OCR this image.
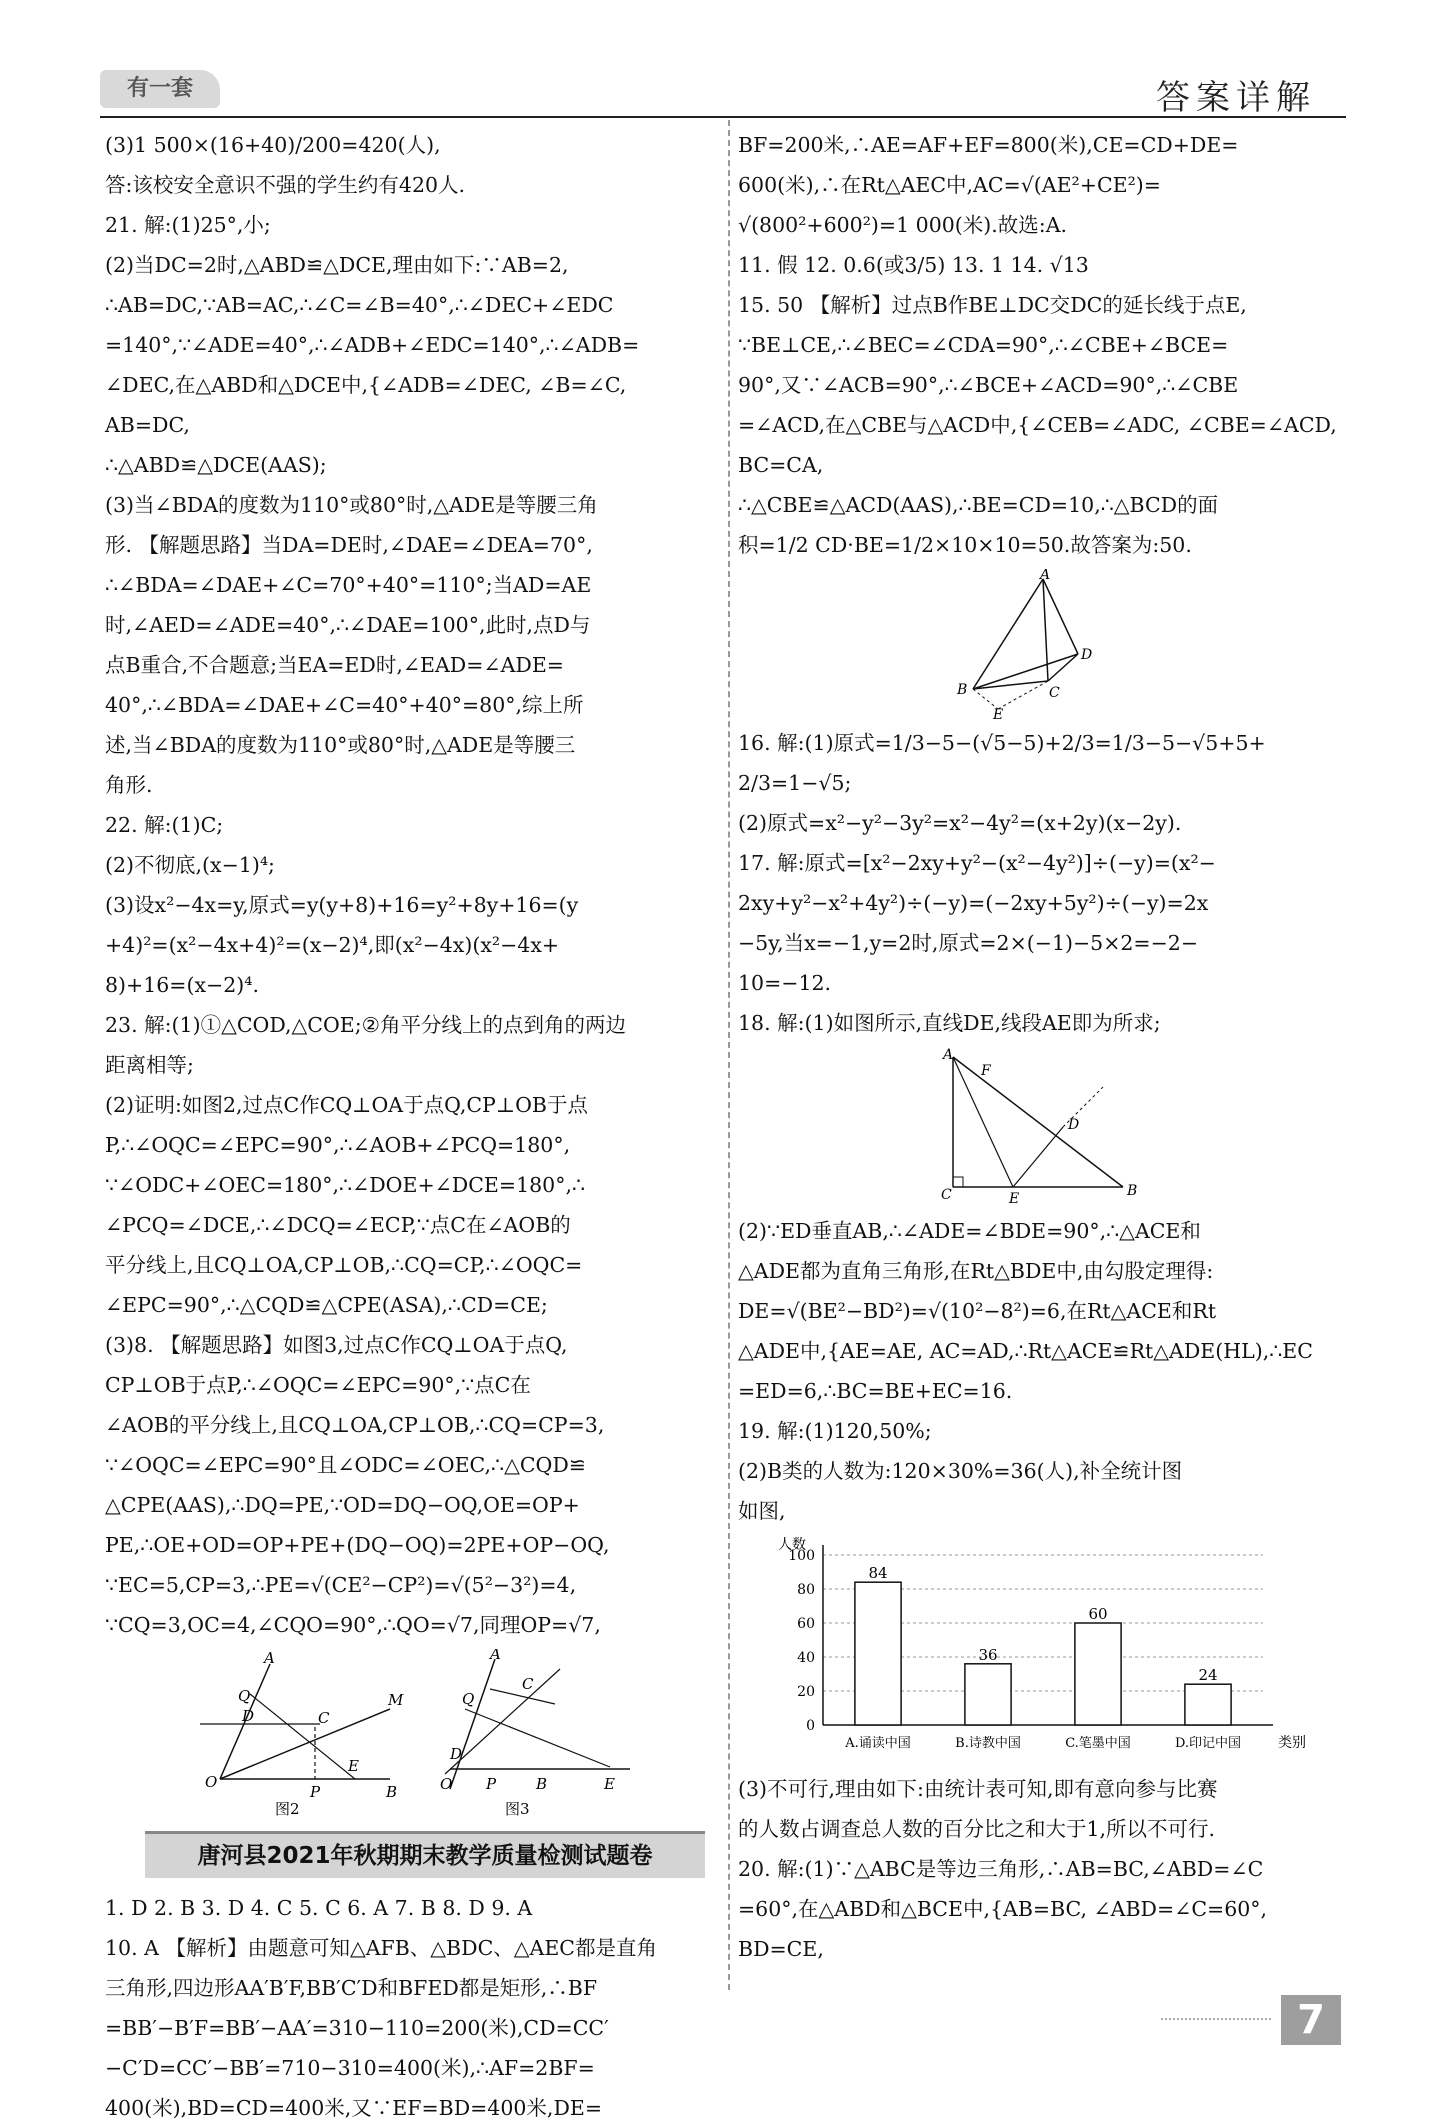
有一套	答案详解

(3)1 500×(16+40)/200=420(人),

答:该校安全意识不强的学生约有420人.

21. 解:(1)25°,小;

(2)当DC=2时,△ABD≌△DCE,理由如下:∵AB=2,

∴AB=DC,∵AB=AC,∴∠C=∠B=40°,∴∠DEC+∠EDC

=140°,∵∠ADE=40°,∴∠ADB+∠EDC=140°,∴∠ADB=

∠DEC,在△ABD和△DCE中,{∠ADB=∠DEC, ∠B=∠C, AB=DC,

∴△ABD≌△DCE(AAS);

(3)当∠BDA的度数为110°或80°时,△ADE是等腰三角

形. 【解题思路】当DA=DE时,∠DAE=∠DEA=70°,

∴∠BDA=∠DAE+∠C=70°+40°=110°;当AD=AE

时,∠AED=∠ADE=40°,∴∠DAE=100°,此时,点D与

点B重合,不合题意;当EA=ED时,∠EAD=∠ADE=

40°,∴∠BDA=∠DAE+∠C=40°+40°=80°,综上所

述,当∠BDA的度数为110°或80°时,△ADE是等腰三

角形.

22. 解:(1)C;

(2)不彻底,(x−1)⁴;

(3)设x²−4x=y,原式=y(y+8)+16=y²+8y+16=(y

+4)²=(x²−4x+4)²=(x−2)⁴,即(x²−4x)(x²−4x+

8)+16=(x−2)⁴.

23. 解:(1)①△COD,△COE;②角平分线上的点到角的两边

距离相等;

(2)证明:如图2,过点C作CQ⊥OA于点Q,CP⊥OB于点

P,∴∠OQC=∠EPC=90°,∴∠AOB+∠PCQ=180°,

∵∠ODC+∠OEC=180°,∴∠DOE+∠DCE=180°,∴

∠PCQ=∠DCE,∴∠DCQ=∠ECP,∵点C在∠AOB的

平分线上,且CQ⊥OA,CP⊥OB,∴CQ=CP,∴∠OQC=

∠EPC=90°,∴△CQD≌△CPE(ASA),∴CD=CE;

(3)8. 【解题思路】如图3,过点C作CQ⊥OA于点Q,

CP⊥OB于点P,∴∠OQC=∠EPC=90°,∵点C在

∠AOB的平分线上,且CQ⊥OA,CP⊥OB,∴CQ=CP=3,

∵∠OQC=∠EPC=90°且∠ODC=∠OEC,∴△CQD≌

△CPE(AAS),∴DQ=PE,∵OD=DQ−OQ,OE=OP+

PE,∴OE+OD=OP+PE+(DQ−OQ)=2PE+OP−OQ,

∵EC=5,CP=3,∴PE=√(CE²−CP²)=√(5²−3²)=4,

∵CQ=3,OC=4,∠CQO=90°,∴QO=√7,同理OP=√7,

O
A
Q
D	C
M
P
E
B
图2
A
Q
C
D
O P	B	E
图3
唐河县2021年秋期期末教学质量检测试题卷

1. D 2. B 3. D 4. C 5. C 6. A 7. B 8. D 9. A

10. A 【解析】由题意可知△AFB、△BDC、△AEC都是直角

三角形,四边形AA′B′F,BB′C′D和BFED都是矩形,∴BF

=BB′−B′F=BB′−AA′=310−110=200(米),CD=CC′

−C′D=CC′−BB′=710−310=400(米),∴AF=2BF=

400(米),BD=CD=400米,又∵EF=BD=400米,DE=

BF=200米,∴AE=AF+EF=800(米),CE=CD+DE=

600(米),∴在Rt△AEC中,AC=√(AE²+CE²)=

√(800²+600²)=1 000(米).故选:A.

11. 假 12. 0.6(或3/5) 13. 1 14. √13

15. 50 【解析】过点B作BE⊥DC交DC的延长线于点E,

∵BE⊥CE,∴∠BEC=∠CDA=90°,∴∠CBE+∠BCE=

90°,又∵∠ACB=90°,∴∠BCE+∠ACD=90°,∴∠CBE

=∠ACD,在△CBE与△ACD中,{∠CEB=∠ADC, ∠CBE=∠ACD, BC=CA,

∴△CBE≌△ACD(AAS),∴BE=CD=10,∴△BCD的面

积=1/2 CD·BE=1/2×10×10=50.故答案为:50.

A
D
B	C
E

16. 解:(1)原式=1/3−5−(√5−5)+2/3=1/3−5−√5+5+

2/3=1−√5;

(2)原式=x²−y²−3y²=x²−4y²=(x+2y)(x−2y).

17. 解:原式=[x²−2xy+y²−(x²−4y²)]÷(−y)=(x²−

2xy+y²−x²+4y²)÷(−y)=(−2xy+5y²)÷(−y)=2x

−5y,当x=−1,y=2时,原式=2×(−1)−5×2=−2−

10=−12.

18. 解:(1)如图所示,直线DE,线段AE即为所求;

A
F
D
C	E	B

(2)∵ED垂直AB,∴∠ADE=∠BDE=90°,∴△ACE和

△ADE都为直角三角形,在Rt△BDE中,由勾股定理得:

DE=√(BE²−BD²)=√(10²−8²)=6,在Rt△ACE和Rt

△ADE中,{AE=AE, AC=AD,∴Rt△ACE≌Rt△ADE(HL),∴EC

=ED=6,∴BC=BE+EC=16.

19. 解:(1)120,50%;

(2)B类的人数为:120×30%=36(人),补全统计图

如图,

0
20
40
60
80
100
人数
类别
84
A.诵读中国
36
B.诗教中国
60
C.笔墨中国
24
D.印记中国

(3)不可行,理由如下:由统计表可知,即有意向参与比赛

的人数占调查总人数的百分比之和大于1,所以不可行.

20. 解:(1)∵△ABC是等边三角形,∴AB=BC,∠ABD=∠C

=60°,在△ABD和△BCE中,{AB=BC, ∠ABD=∠C=60°, BD=CE,

7
